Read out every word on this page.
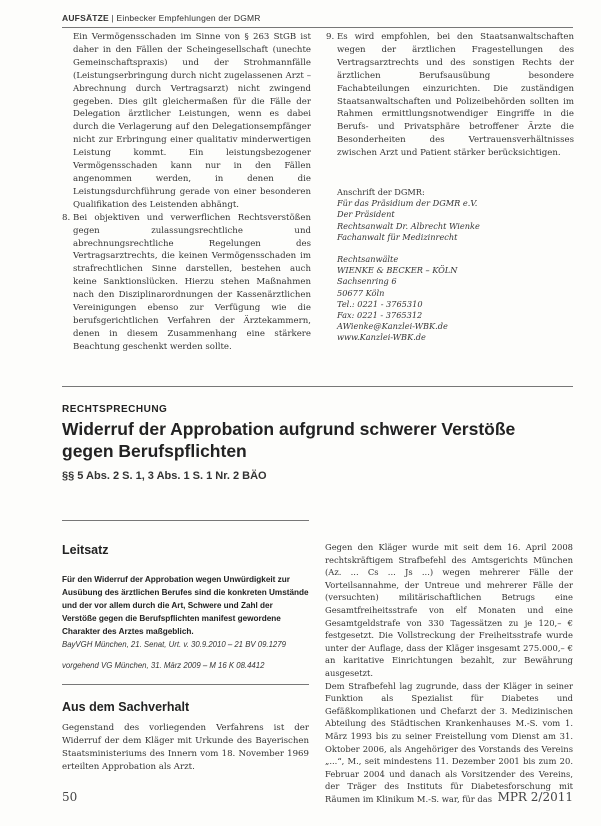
AUFSÄTZE | Einbecker Empfehlungen der DGMR

Ein Vermögensschaden im Sinne von § 263 StGB ist daher in den Fällen der Scheingesellschaft (unechte Gemeinschaftspraxis) und der Strohmannfälle (Leistungserbringung durch nicht zugelassenen Arzt – Abrechnung durch Vertragsarzt) nicht zwingend gegeben. Dies gilt gleichermaßen für die Fälle der Delegation ärztlicher Leistungen, wenn es dabei durch die Verlagerung auf den Delegationsempfänger nicht zur Erbringung einer qualitativ minderwertigen Leistung kommt. Ein leistungsbezogener Vermögensschaden kann nur in den Fällen angenommen werden, in denen die Leistungsdurchführung gerade von einer besonderen Qualifikation des Leistenden abhängt.

8. Bei objektiven und verwerflichen Rechtsverstößen gegen zulassungsrechtliche und abrechnungsrechtliche Regelungen des Vertragsarztrechts, die keinen Vermögensschaden im strafrechtlichen Sinne darstellen, bestehen auch keine Sanktionslücken. Hierzu stehen Maßnahmen nach den Disziplinarordnungen der Kassenärztlichen Vereinigungen ebenso zur Verfügung wie die berufsgerichtlichen Verfahren der Ärztekammern, denen in diesem Zusammenhang eine stärkere Beachtung geschenkt werden sollte.
9. Es wird empfohlen, bei den Staatsanwaltschaften wegen der ärztlichen Fragestellungen des Vertragsarztrechts und des sonstigen Rechts der ärztlichen Berufsausübung besondere Fachabteilungen einzurichten. Die zuständigen Staatsanwaltschaften und Polizeibehörden sollten im Rahmen ermittlungsnotwendiger Eingriffe in die Berufs- und Privatsphäre betroffener Ärzte die Besonderheiten des Vertrauensverhältnisses zwischen Arzt und Patient stärker berücksichtigen.
Anschrift der DGMR:
Für das Präsidium der DGMR e.V.
Der Präsident
Rechtsanwalt Dr. Albrecht Wienke
Fachanwalt für Medizinrecht
Rechtsanwälte
WIENKE & BECKER – KÖLN
Sachsenring 6
50677 Köln
Tel.: 0221 - 3765310
Fax: 0221 - 3765312
AWienke@Kanzlei-WBK.de
www.Kanzlei-WBK.de
RECHTSPRECHUNG
Widerruf der Approbation aufgrund schwerer Verstöße gegen Berufspflichten
§§ 5 Abs. 2 S. 1, 3 Abs. 1 S. 1 Nr. 2 BÄO
Leitsatz
Für den Widerruf der Approbation wegen Unwürdigkeit zur Ausübung des ärztlichen Berufes sind die konkreten Umstände und der vor allem durch die Art, Schwere und Zahl der Verstöße gegen die Berufspflichten manifest gewordene Charakter des Arztes maßgeblich.
BayVGH München, 21. Senat, Urt. v. 30.9.2010 – 21 BV 09.1279
vorgehend VG München, 31. März 2009 – M 16 K 08.4412
Aus dem Sachverhalt
Gegenstand des vorliegenden Verfahrens ist der Widerruf der dem Kläger mit Urkunde des Bayerischen Staatsministeriums des Innern vom 18. November 1969 erteilten Approbation als Arzt.

Gegen den Kläger wurde mit seit dem 16. April 2008 rechtskräftigem Strafbefehl des Amtsgerichts München (Az. ... Cs ... Js ...) wegen mehrerer Fälle der Vorteilsannahme, der Untreue und mehrerer Fälle der (versuchten) militärischaftlichen Betrugs eine Gesamtfreiheitsstrafe von elf Monaten und eine Gesamtgeldstrafe von 330 Tagessätzen zu je 120,– € festgesetzt. Die Vollstreckung der Freiheitsstrafe wurde unter der Auflage, dass der Kläger insgesamt 275.000,– € an karitative Einrichtungen bezahlt, zur Bewährung ausgesetzt.

Dem Strafbefehl lag zugrunde, dass der Kläger in seiner Funktion als Spezialist für Diabetes und Gefäßkomplikationen und Chefarzt der 3. Medizinischen Abteilung des Städtischen Krankenhauses M.-S. vom 1. März 1993 bis zu seiner Freistellung vom Dienst am 31. Oktober 2006, als Angehöriger des Vorstands des Vereins „...“, M., seit mindestens 11. Dezember 2001 bis zum 20. Februar 2004 und danach als Vorsitzender des Vereins, der Träger des Instituts für Diabetesforschung mit Räumen im Klinikum M.-S. war, für das

50	MPR 2/2011
